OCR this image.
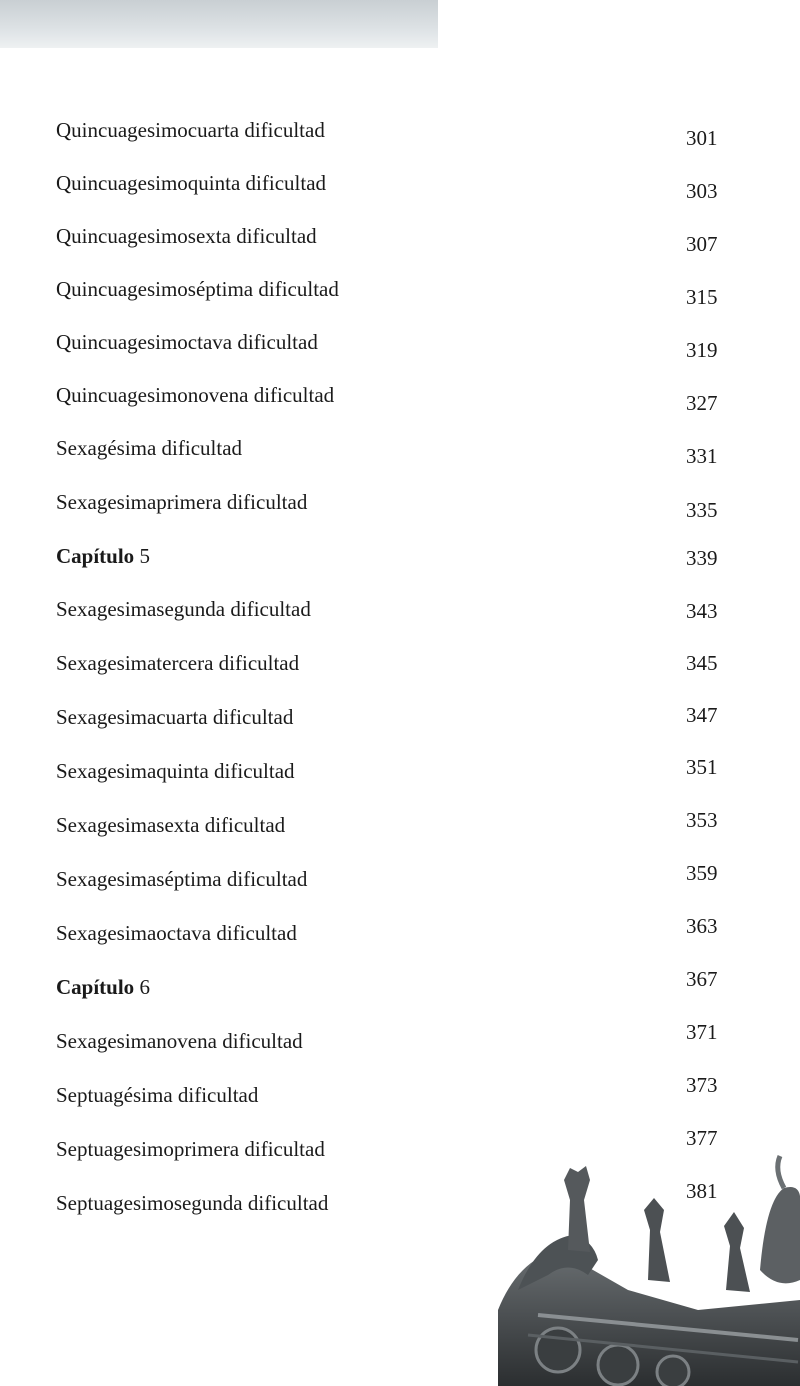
Quincuagesimocuarta dificultad	301
Quincuagesimoquinta dificultad	303
Quincuagesimosexta dificultad	307
Quincuagesimoséptima dificultad	315
Quincuagesimoctava dificultad	319
Quincuagesimonovena dificultad	327
Sexagésima dificultad	331
Sexagesimaprimera dificultad	335
Capítulo 5	339
Sexagesimasegunda dificultad	343
Sexagesimatercera dificultad	345
Sexagesimacuarta dificultad	347
Sexagesimaquinta dificultad	351
Sexagesimasexta dificultad	353
Sexagesimaséptima dificultad	359
Sexagesimaoctava dificultad	363
Capítulo 6	367
Sexagesimanovena dificultad	371
Septuagésima dificultad	373
Septuagesimoprimera dificultad	377
Septuagesimosegunda dificultad	381
